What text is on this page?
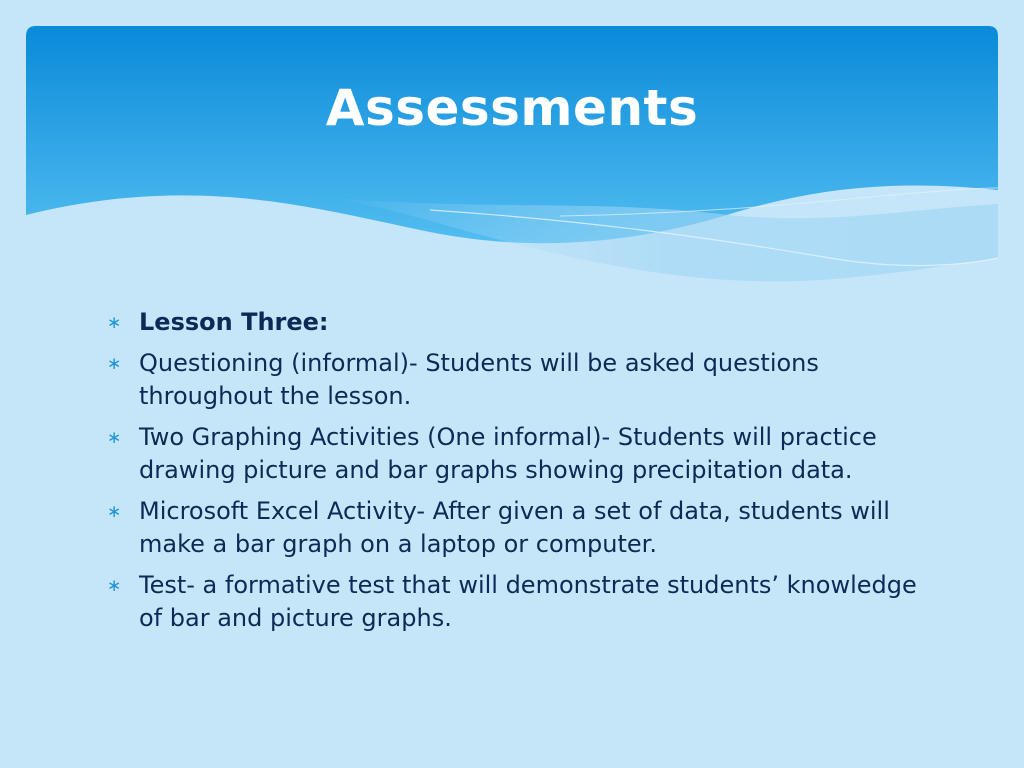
Assessments
∗ Lesson Three:
∗ Questioning (informal)- Students will be asked questions throughout the lesson.
∗ Two Graphing Activities (One informal)- Students will practice drawing picture and bar graphs showing precipitation data.
∗ Microsoft Excel Activity- After given a set of data, students will make a bar graph on a laptop or computer.
∗ Test- a formative test that will demonstrate students’ knowledge of bar and picture graphs.
